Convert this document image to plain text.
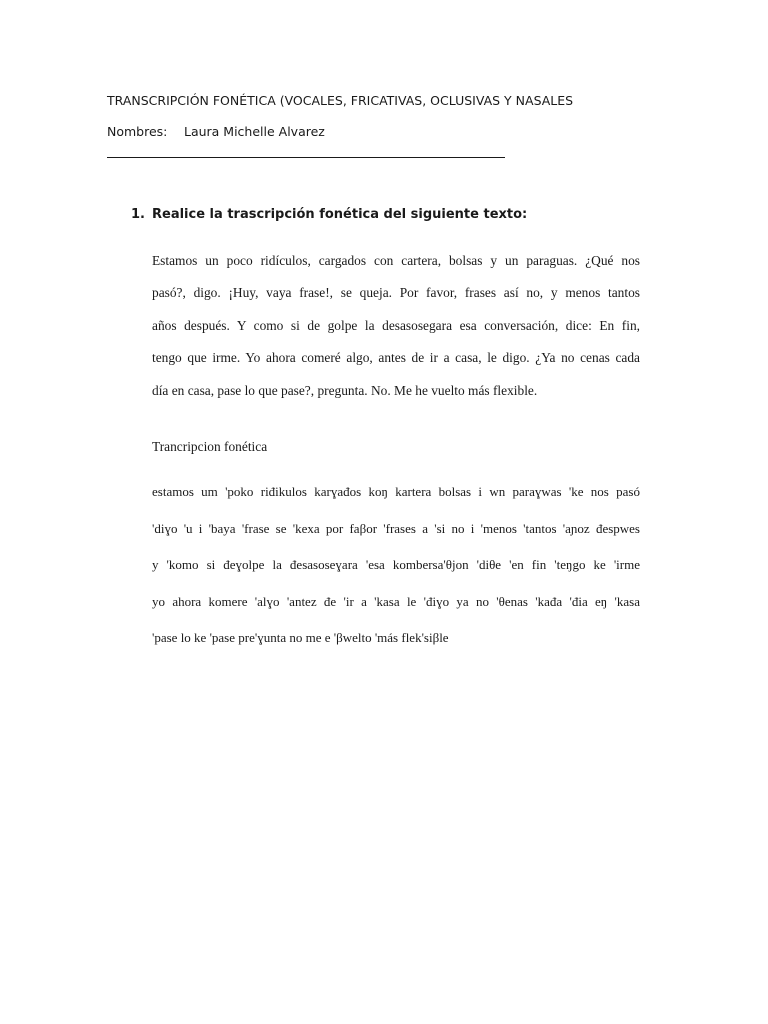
TRANSCRIPCIÓN FONÉTICA (VOCALES, FRICATIVAS, OCLUSIVAS Y NASALES
Nombres: Laura Michelle Alvarez
1. Realice la trascripción fonética del siguiente texto:
Estamos un poco ridículos, cargados con cartera, bolsas y un paraguas. ¿Qué nos
pasó?, digo. ¡Huy, vaya frase!, se queja. Por favor, frases así no, y menos tantos
años después. Y como si de golpe la desasosegara esa conversación, dice: En fin,
tengo que irme. Yo ahora comeré algo, antes de ir a casa, le digo. ¿Ya no cenas cada
día en casa, pase lo que pase?, pregunta. No. Me he vuelto más flexible.
Trancripcion fonética
estamos um 'poko riđikulos karɣađos koŋ kartera bolsas i wn paraɣwas 'ke nos pasó
'diɣo 'u i 'baya 'frase se 'kexa por faβor 'frases a 'si no i 'menos 'tantos 'aɲoz đespwes
y 'komo si đeɣolpe la đesasoseɣara 'esa kombersa'θjon 'diθe 'en fin 'teŋgo ke 'irme
yo ahora komere 'alɣo 'antez đe 'ir a 'kasa le 'điɣo ya no 'θenas 'kađa 'đia eŋ 'kasa
'pase lo ke 'pase pre'ɣunta no me e 'βwelto 'más flek'siβle
